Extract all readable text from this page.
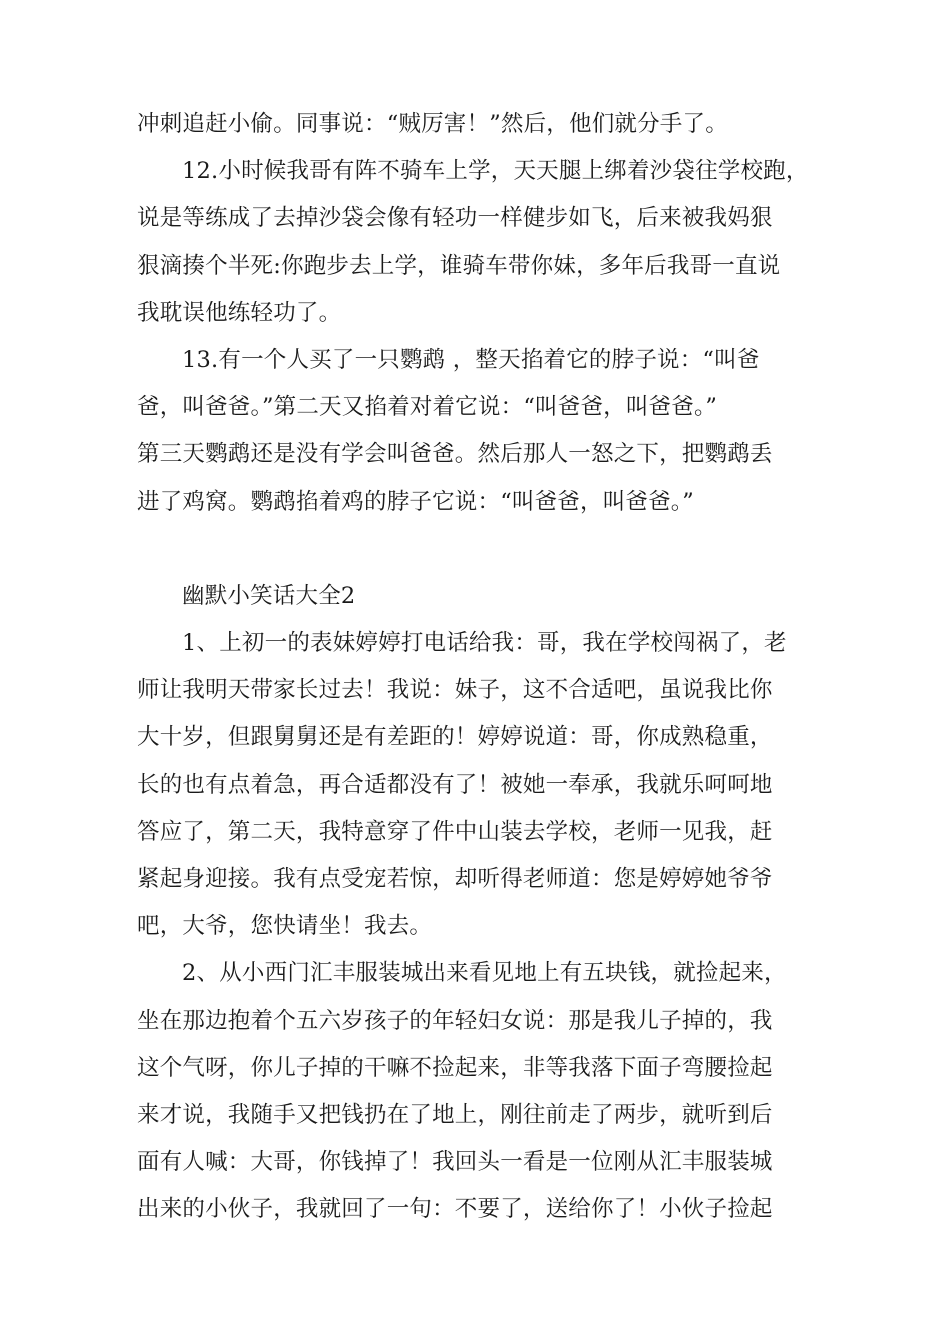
冲刺追赶小偷。同事说：“贼厉害！”然后，他们就分手了。
12.小时候我哥有阵不骑车上学，天天腿上绑着沙袋往学校跑，
说是等练成了去掉沙袋会像有轻功一样健步如飞，后来被我妈狠
狠滴揍个半死:你跑步去上学，谁骑车带你妹，多年后我哥一直说
我耽误他练轻功了。
13.有一个人买了一只鹦鹉 ，整天掐着它的脖子说：“叫爸
爸，叫爸爸。”第二天又掐着对着它说：“叫爸爸，叫爸爸。”
第三天鹦鹉还是没有学会叫爸爸。然后那人一怒之下，把鹦鹉丢
进了鸡窝。鹦鹉掐着鸡的脖子它说：“叫爸爸，叫爸爸。”
幽默小笑话大全2
1、上初一的表妹婷婷打电话给我：哥，我在学校闯祸了，老
师让我明天带家长过去！我说：妹子，这不合适吧，虽说我比你
大十岁，但跟舅舅还是有差距的！婷婷说道：哥，你成熟稳重，
长的也有点着急，再合适都没有了！被她一奉承，我就乐呵呵地
答应了，第二天，我特意穿了件中山装去学校，老师一见我，赶
紧起身迎接。我有点受宠若惊，却听得老师道：您是婷婷她爷爷
吧，大爷，您快请坐！我去。
2、从小西门汇丰服装城出来看见地上有五块钱，就捡起来，
坐在那边抱着个五六岁孩子的年轻妇女说：那是我儿子掉的，我
这个气呀，你儿子掉的干嘛不捡起来，非等我落下面子弯腰捡起
来才说，我随手又把钱扔在了地上，刚往前走了两步，就听到后
面有人喊：大哥，你钱掉了！我回头一看是一位刚从汇丰服装城
出来的小伙子，我就回了一句：不要了，送给你了！小伙子捡起
